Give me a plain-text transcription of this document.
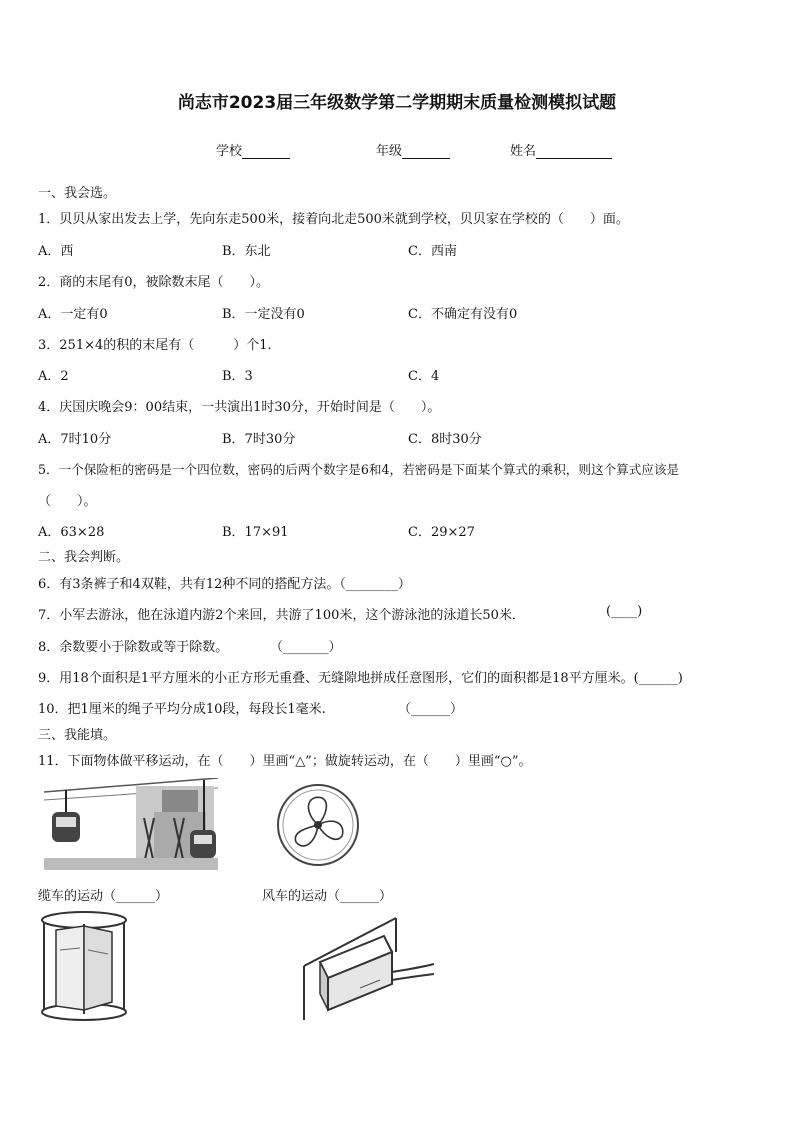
尚志市2023届三年级数学第二学期期末质量检测模拟试题
学校	年级	姓名
一、我会选。
1．贝贝从家出发去上学，先向东走500米，接着向北走500米就到学校，贝贝家在学校的（　　）面。
A．西	B．东北	C．西南
2．商的末尾有0，被除数末尾（　　）。
A．一定有0	B．一定没有0	C．不确定有没有0
3．251×4的积的末尾有（　　　）个1．
A．2	B．3	C．4
4．庆国庆晚会9：00结束，一共演出1时30分，开始时间是（　　）。
A．7时10分	B．7时30分	C．8时30分
5．一个保险柜的密码是一个四位数，密码的后两个数字是6和4，若密码是下面某个算式的乘积，则这个算式应该是
（　　）。
A．63×28	B．17×91	C．29×27
二、我会判断。
6．有3条裤子和4双鞋，共有12种不同的搭配方法。（________）
7．小军去游泳，他在泳道内游2个来回，共游了100米，这个游泳池的泳道长50米．	(____)
8．余数要小于除数或等于除数。	（_______）
9．用18个面积是1平方厘米的小正方形无重叠、无缝隙地拼成任意图形，它们的面积都是18平方厘米。(______)
10．把1厘米的绳子平均分成10段，每段长1毫米.	（______）
三、我能填。
11．下面物体做平移运动，在（　　）里画“△”；做旋转运动，在（　　）里画“○”。
缆车的运动（______）	风车的运动（______）
